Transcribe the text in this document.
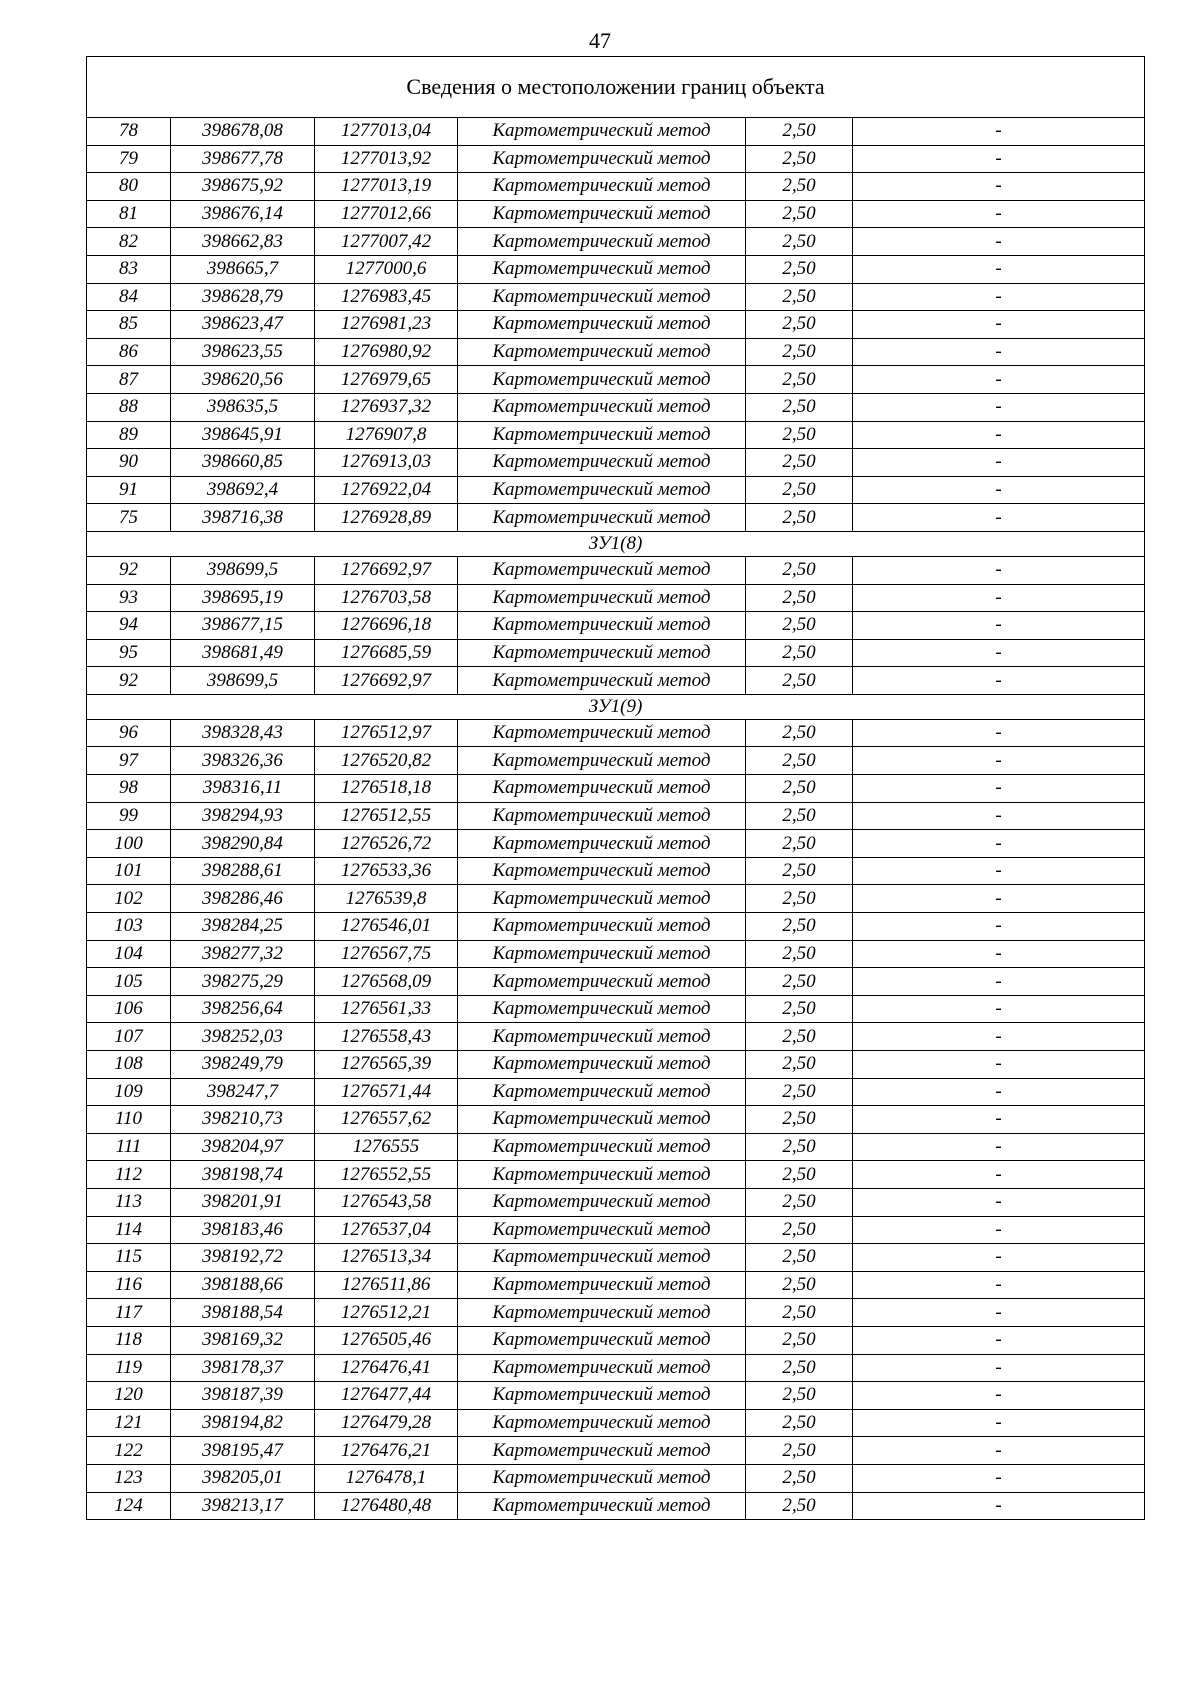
47
Сведения о местоположении границ объекта					
78	398678,08	1277013,04	Картометрический метод	2,50	-
79	398677,78	1277013,92	Картометрический метод	2,50	-
80	398675,92	1277013,19	Картометрический метод	2,50	-
81	398676,14	1277012,66	Картометрический метод	2,50	-
82	398662,83	1277007,42	Картометрический метод	2,50	-
83	398665,7	1277000,6	Картометрический метод	2,50	-
84	398628,79	1276983,45	Картометрический метод	2,50	-
85	398623,47	1276981,23	Картометрический метод	2,50	-
86	398623,55	1276980,92	Картометрический метод	2,50	-
87	398620,56	1276979,65	Картометрический метод	2,50	-
88	398635,5	1276937,32	Картометрический метод	2,50	-
89	398645,91	1276907,8	Картометрический метод	2,50	-
90	398660,85	1276913,03	Картометрический метод	2,50	-
91	398692,4	1276922,04	Картометрический метод	2,50	-
75	398716,38	1276928,89	Картометрический метод	2,50	-
ЗУ1(8)					
92	398699,5	1276692,97	Картометрический метод	2,50	-
93	398695,19	1276703,58	Картометрический метод	2,50	-
94	398677,15	1276696,18	Картометрический метод	2,50	-
95	398681,49	1276685,59	Картометрический метод	2,50	-
92	398699,5	1276692,97	Картометрический метод	2,50	-
ЗУ1(9)					
96	398328,43	1276512,97	Картометрический метод	2,50	-
97	398326,36	1276520,82	Картометрический метод	2,50	-
98	398316,11	1276518,18	Картометрический метод	2,50	-
99	398294,93	1276512,55	Картометрический метод	2,50	-
100	398290,84	1276526,72	Картометрический метод	2,50	-
101	398288,61	1276533,36	Картометрический метод	2,50	-
102	398286,46	1276539,8	Картометрический метод	2,50	-
103	398284,25	1276546,01	Картометрический метод	2,50	-
104	398277,32	1276567,75	Картометрический метод	2,50	-
105	398275,29	1276568,09	Картометрический метод	2,50	-
106	398256,64	1276561,33	Картометрический метод	2,50	-
107	398252,03	1276558,43	Картометрический метод	2,50	-
108	398249,79	1276565,39	Картометрический метод	2,50	-
109	398247,7	1276571,44	Картометрический метод	2,50	-
110	398210,73	1276557,62	Картометрический метод	2,50	-
111	398204,97	1276555	Картометрический метод	2,50	-
112	398198,74	1276552,55	Картометрический метод	2,50	-
113	398201,91	1276543,58	Картометрический метод	2,50	-
114	398183,46	1276537,04	Картометрический метод	2,50	-
115	398192,72	1276513,34	Картометрический метод	2,50	-
116	398188,66	1276511,86	Картометрический метод	2,50	-
117	398188,54	1276512,21	Картометрический метод	2,50	-
118	398169,32	1276505,46	Картометрический метод	2,50	-
119	398178,37	1276476,41	Картометрический метод	2,50	-
120	398187,39	1276477,44	Картометрический метод	2,50	-
121	398194,82	1276479,28	Картометрический метод	2,50	-
122	398195,47	1276476,21	Картометрический метод	2,50	-
123	398205,01	1276478,1	Картометрический метод	2,50	-
124	398213,17	1276480,48	Картометрический метод	2,50	-
